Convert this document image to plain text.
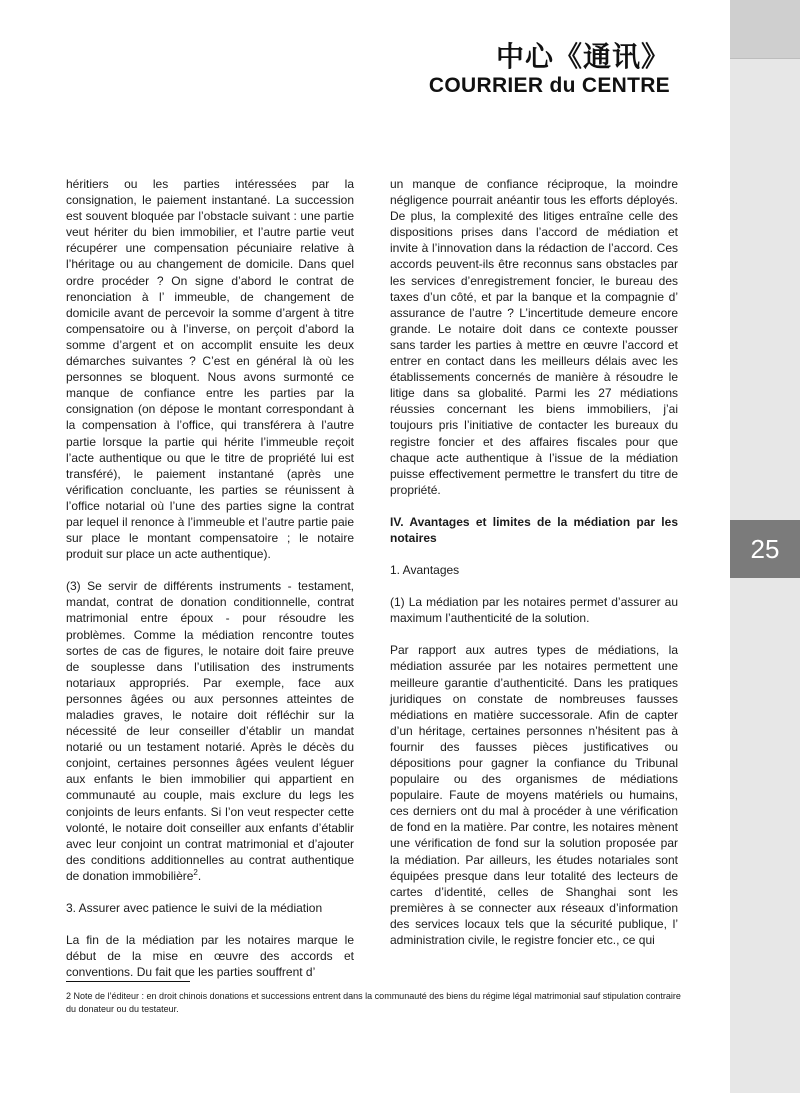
25
中心《通讯》
COURRIER du CENTRE

héritiers ou les parties intéressées par la consignation, le paiement instantané. La succession est souvent bloquée par l’obstacle suivant : une partie veut hériter du bien immobilier, et l’autre partie veut récupérer une compensation pécuniaire relative à l’héritage ou au changement de domicile. Dans quel ordre procéder ? On signe d’abord le contrat de renonciation à l’ immeuble, de changement de domicile avant de percevoir la somme d’argent à titre compensatoire ou à l’inverse, on perçoit d’abord la somme d’argent et on accomplit ensuite les deux démarches suivantes ? C’est en général là où les personnes se bloquent. Nous avons surmonté ce manque de confiance entre les parties par la consignation (on dépose le montant correspondant à la compensation à l’office, qui transférera à l’autre partie lorsque la partie qui hérite l’immeuble reçoit l’acte authentique ou que le titre de propriété lui est transféré), le paiement instantané (après une vérification concluante, les parties se réunissent à l’office notarial où l’une des parties signe la contrat par lequel il renonce à l’immeuble et l’autre partie paie sur place le montant compensatoire ; le notaire produit sur place un acte authentique).

(3) Se servir de différents instruments - testament, mandat, contrat de donation conditionnelle, contrat matrimonial entre époux - pour résoudre les problèmes. Comme la médiation rencontre toutes sortes de cas de figures, le notaire doit faire preuve de souplesse dans l’utilisation des instruments notariaux appropriés. Par exemple, face aux personnes âgées ou aux personnes atteintes de maladies graves, le notaire doit réfléchir sur la nécessité de leur conseiller d’établir un mandat notarié ou un testament notarié. Après le décès du conjoint, certaines personnes âgées veulent léguer aux enfants le bien immobilier qui appartient en communauté au couple, mais exclure du legs les conjoints de leurs enfants. Si l’on veut respecter cette volonté, le notaire doit conseiller aux enfants d’établir avec leur conjoint un contrat matrimonial et d’ajouter des conditions additionnelles au contrat authentique de donation immobilière$^2$.

3. Assurer avec patience le suivi de la médiation

La fin de la médiation par les notaires marque le début de la mise en œuvre des accords et conventions. Du fait que les parties souffrent d’

un manque de confiance réciproque, la moindre négligence pourrait anéantir tous les efforts déployés. De plus, la complexité des litiges entraîne celle des dispositions prises dans l’accord de médiation et invite à l’innovation dans la rédaction de l’accord. Ces accords peuvent-ils être reconnus sans obstacles par les services d’enregistrement foncier, le bureau des taxes d’un côté, et par la banque et la compagnie d’ assurance de l’autre ? L’incertitude demeure encore grande. Le notaire doit dans ce contexte pousser sans tarder les parties à mettre en œuvre l’accord et entrer en contact dans les meilleurs délais avec les établissements concernés de manière à résoudre le litige dans sa globalité. Parmi les 27 médiations réussies concernant les biens immobiliers, j’ai toujours pris l’initiative de contacter les bureaux du registre foncier et des affaires fiscales pour que chaque acte authentique à l’issue de la médiation puisse effectivement permettre le transfert du titre de propriété.

IV. Avantages et limites de la médiation par les notaires

1. Avantages

(1) La médiation par les notaires permet d’assurer au maximum l’authenticité de la solution.

Par rapport aux autres types de médiations, la médiation assurée par les notaires permettent une meilleure garantie d’authenticité. Dans les pratiques juridiques on constate de nombreuses fausses médiations en matière successorale. Afin de capter d’un héritage, certaines personnes n’hésitent pas à fournir des fausses pièces justificatives ou dépositions pour gagner la confiance du Tribunal populaire ou des organismes de médiations populaire. Faute de moyens matériels ou humains, ces derniers ont du mal à procéder à une vérification de fond en la matière. Par contre, les notaires mènent une vérification de fond sur la solution proposée par la médiation. Par ailleurs, les études notariales sont équipées presque dans leur totalité des lecteurs de cartes d’identité, celles de Shanghai sont les premières à se connecter aux réseaux d’information des services locaux tels que la sécurité publique, l’ administration civile, le registre foncier etc., ce qui

2 Note de l’éditeur : en droit chinois donations et successions entrent dans la communauté des biens du régime légal matrimonial sauf stipulation contraire du donateur ou du testateur.
